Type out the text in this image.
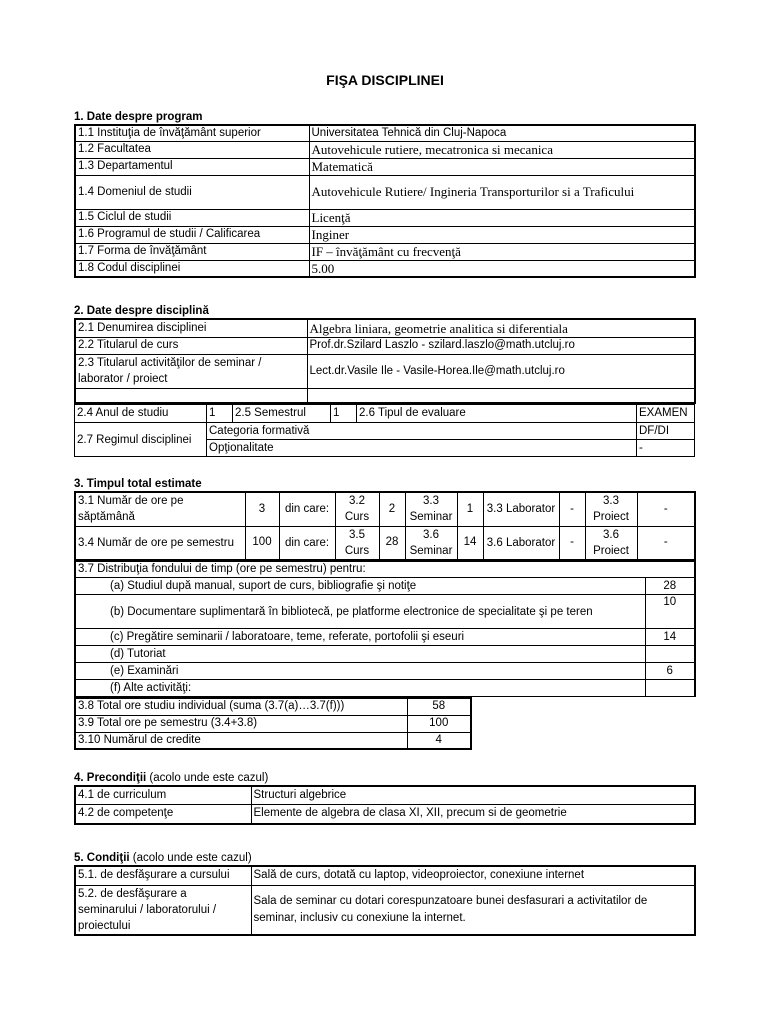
FIŞA DISCIPLINEI
1. Date despre program
1.1 Instituţia de învăţământ superior	Universitatea Tehnică din Cluj-Napoca
1.2 Facultatea	Autovehicule rutiere, mecatronica si mecanica
1.3 Departamentul	Matematică
1.4 Domeniul de studii	Autovehicule Rutiere/ Ingineria Transporturilor si a Traficului
1.5 Ciclul de studii	Licenţă
1.6 Programul de studii / Calificarea	Inginer
1.7 Forma de învăţământ	IF – învăţământ cu frecvenţă
1.8 Codul disciplinei	5.00
2. Date despre disciplină
2.1 Denumirea disciplinei	Algebra liniara, geometrie analitica si diferentiala
2.2 Titularul de curs	Prof.dr.Szilard Laszlo - szilard.laszlo@math.utcluj.ro
2.3 Titularul activităţilor de seminar / laborator / proiect	Lect.dr.Vasile Ile - Vasile-Horea.Ile@math.utcluj.ro

2.4 Anul de studiu	1	2.5 Semestrul	1	2.6 Tipul de evaluare	EXAMEN
2.7 Regimul disciplinei	Categoria formativă				DF/DI
	Opţionalitate				-
3. Timpul total estimate
3.1 Număr de ore pe săptămână	3	din care:	3.2 Curs	2	3.3 Seminar	1	3.3 Laborator	-	3.3 Proiect	-
3.4 Număr de ore pe semestru	100	din care:	3.5 Curs	28	3.6 Seminar	14	3.6 Laborator	-	3.6 Proiect	-
3.7 Distribuţia fondului de timp (ore pe semestru) pentru:	
(a) Studiul după manual, suport de curs, bibliografie şi notiţe	28
(b) Documentare suplimentară în bibliotecă, pe platforme electronice de specialitate şi pe teren	10
(c) Pregătire seminarii / laboratoare, teme, referate, portofolii şi eseuri	14
(d) Tutoriat	
(e) Examinări	6
(f) Alte activităţi:	
3.8 Total ore studiu individual (suma (3.7(a)…3.7(f)))	58
3.9 Total ore pe semestru (3.4+3.8)	100
3.10 Numărul de credite	4
4. Precondiţii (acolo unde este cazul)
4.1 de curriculum	Structuri algebrice
4.2 de competenţe	Elemente de algebra de clasa XI, XII, precum si de geometrie
5. Condiţii (acolo unde este cazul)
5.1. de desfăşurare a cursului	Sală de curs, dotată cu laptop, videoproiector, conexiune internet
5.2. de desfăşurare a seminarului / laboratorului / proiectului	Sala de seminar cu dotari corespunzatoare bunei desfasurari a activitatilor de seminar, inclusiv cu conexiune la internet.
